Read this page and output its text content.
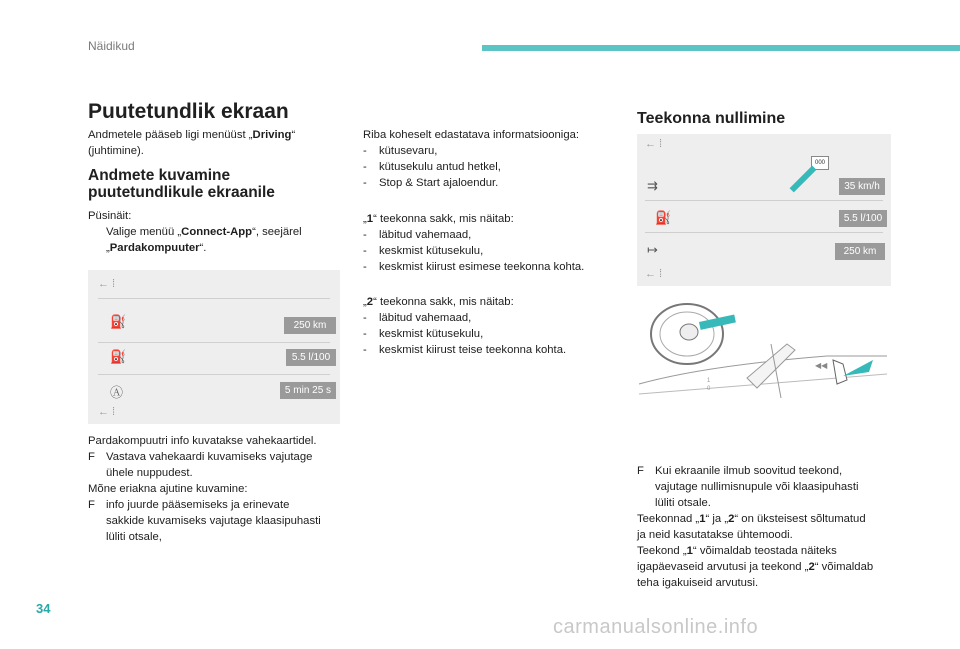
Näidikud
Puutetundlik ekraan
Andmetele pääseb ligi menüüst „Driving“
(juhtimine).
Andmete kuvamine
puutetundlikule ekraanile
Püsinäit:
Valige menüü „Connect-App“, seejärel
„Pardakompuuter“.
← ⁞
⛽	250 km
⛽	5.5 l/100
Ⓐ	5 min 25 s
← ⁞
Pardakompuutri info kuvatakse vahekaartidel.
F Vastava vahekaardi kuvamiseks vajutage
ühele nuppudest.
Mõne eriakna ajutine kuvamine:
F info juurde pääsemiseks ja erinevate
sakkide kuvamiseks vajutage klaasipuhasti
lüliti otsale,
Riba koheselt edastatava informatsiooniga:
- kütusevaru,
- kütusekulu antud hetkel,
- Stop & Start ajaloendur.
„1“ teekonna sakk, mis näitab:
- läbitud vahemaad,
- keskmist kütusekulu,
- keskmist kiirust esimese teekonna kohta.
„2“ teekonna sakk, mis näitab:
- läbitud vahemaad,
- keskmist kütusekulu,
- keskmist kiirust teise teekonna kohta.
Teekonna nullimine
← ⁞
000
⇉	35 km/h
⛽	5.5 l/100
↦	250 km
← ⁞
◀◀
1
0
F Kui ekraanile ilmub soovitud teekond,
vajutage nullimisnupule või klaasipuhasti
lüliti otsale.
Teekonnad „1“ ja „2“ on üksteisest sõltumatud
ja neid kasutatakse ühtemoodi.
Teekond „1“ võimaldab teostada näiteks
igapäevaseid arvutusi ja teekond „2“ võimaldab
teha igakuiseid arvutusi.
34
carmanualsonline.info
